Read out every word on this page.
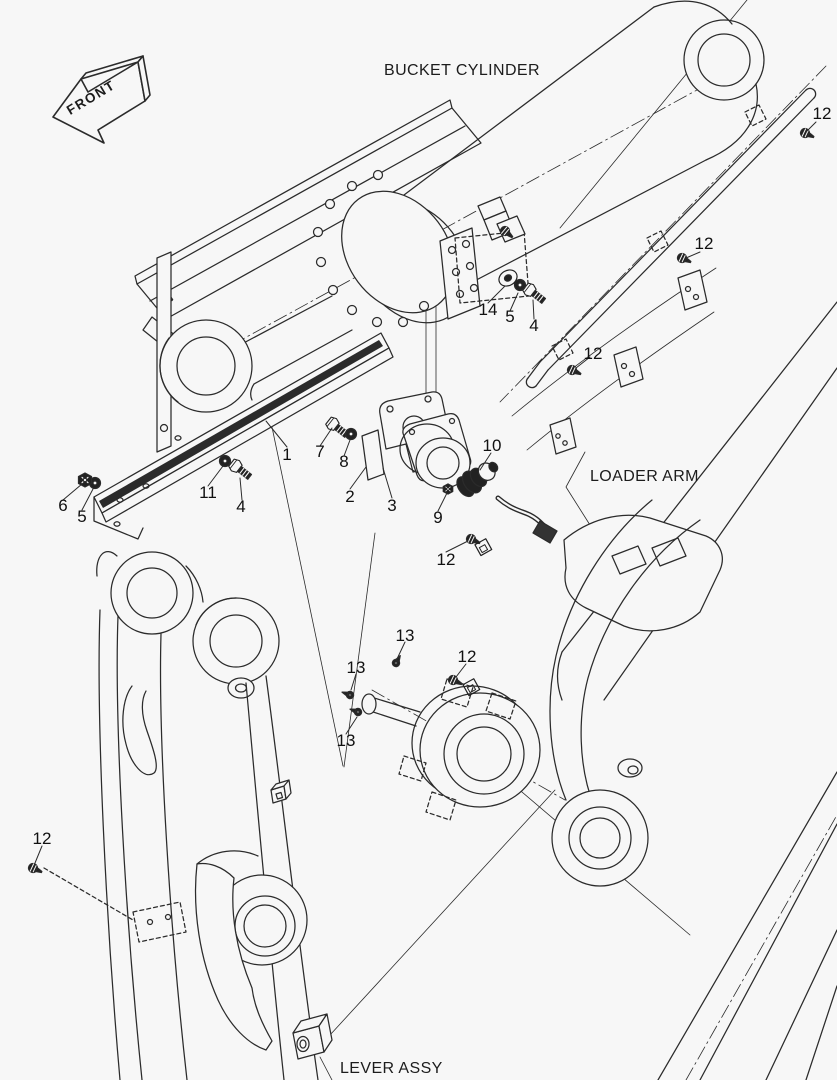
FRONT
BUCKET CYLINDER
LOADER ARM
LEVER ASSY
12
12
14 5 4
12
1 7
8
2 3
9
10
11
4
6
5
12
13
13
12
13
12
